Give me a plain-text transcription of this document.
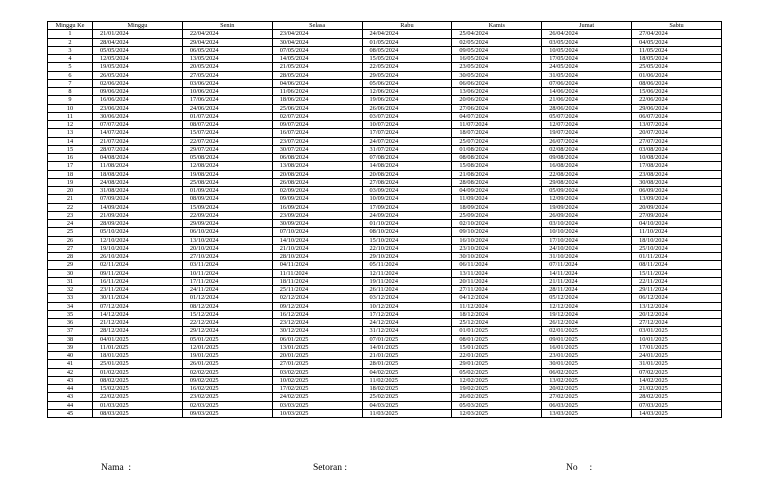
Minggu Ke	Minggu	Senin	Selasa	Rabu	Kamis	Jumat	Sabtu
1	21/01/2024	22/04/2024	23/04/2024	24/04/2024	25/04/2024	26/04/2024	27/04/2024
2	28/04/2024	29/04/2024	30/04/2024	01/05/2024	02/05/2024	03/05/2024	04/05/2024
3	05/05/2024	06/05/2024	07/05/2024	08/05/2024	09/05/2024	10/05/2024	11/05/2024
4	12/05/2024	13/05/2024	14/05/2024	15/05/2024	16/05/2024	17/05/2024	18/05/2024
5	19/05/2024	20/05/2024	21/05/2024	22/05/2024	23/05/2024	24/05/2024	25/05/2024
6	26/05/2024	27/05/2024	28/05/2024	29/05/2024	30/05/2024	31/05/2024	01/06/2024
7	02/06/2024	03/06/2024	04/06/2024	05/06/2024	06/06/2024	07/06/2024	08/06/2024
8	09/06/2024	10/06/2024	11/06/2024	12/06/2024	13/06/2024	14/06/2024	15/06/2024
9	16/06/2024	17/06/2024	18/06/2024	19/06/2024	20/06/2024	21/06/2024	22/06/2024
10	23/06/2024	24/06/2024	25/06/2024	26/06/2024	27/06/2024	28/06/2024	29/06/2024
11	30/06/2024	01/07/2024	02/07/2024	03/07/2024	04/07/2024	05/07/2024	06/07/2024
12	07/07/2024	08/07/2024	09/07/2024	10/07/2024	11/07/2024	12/07/2024	13/07/2024
13	14/07/2024	15/07/2024	16/07/2024	17/07/2024	18/07/2024	19/07/2024	20/07/2024
14	21/07/2024	22/07/2024	23/07/2024	24/07/2024	25/07/2024	26/07/2024	27/07/2024
15	28/07/2024	29/07/2024	30/07/2024	31/07/2024	01/08/2024	02/08/2024	03/08/2024
16	04/08/2024	05/08/2024	06/08/2024	07/08/2024	08/08/2024	09/08/2024	10/08/2024
17	11/08/2024	12/08/2024	13/08/2024	14/08/2024	15/08/2024	16/08/2024	17/08/2024
18	18/08/2024	19/08/2024	20/08/2024	20/08/2024	21/08/2024	22/08/2024	23/08/2024
19	24/08/2024	25/08/2024	26/08/2024	27/08/2024	28/08/2024	29/08/2024	30/08/2024
20	31/08/2024	01/09/2024	02/09/2024	03/09/2024	04/09/2024	05/09/2024	06/09/2024
21	07/09/2024	08/09/2024	09/09/2024	10/09/2024	11/09/2024	12/09/2024	13/09/2024
22	14/09/2024	15/09/2024	16/09/2024	17/09/2024	18/09/2024	19/09/2024	20/09/2024
23	21/09/2024	22/09/2024	23/09/2024	24/09/2024	25/09/2024	26/09/2024	27/09/2024
24	28/09/2024	29/09/2024	30/09/2024	01/10/2024	02/10/2024	03/10/2024	04/10/2024
25	05/10/2024	06/10/2024	07/10/2024	08/10/2024	09/10/2024	10/10/2024	11/10/2024
26	12/10/2024	13/10/2024	14/10/2024	15/10/2024	16/10/2024	17/10/2024	18/10/2024
27	19/10/2024	20/10/2024	21/10/2024	22/10/2024	23/10/2024	24/10/2024	25/10/2024
28	26/10/2024	27/10/2024	28/10/2024	29/10/2024	30/10/2024	31/10/2024	01/11/2024
29	02/11/2024	03/11/2024	04/11/2024	05/11/2024	06/11/2024	07/11/2024	08/11/2024
30	09/11/2024	10/11/2024	11/11/2024	12/11/2024	13/11/2024	14/11/2024	15/11/2024
31	16/11/2024	17/11/2024	18/11/2024	19/11/2024	20/11/2024	21/11/2024	22/11/2024
32	23/11/2024	24/11/2024	25/11/2024	26/11/2024	27/11/2024	28/11/2024	29/11/2024
33	30/11/2024	01/12/2024	02/12/2024	03/12/2024	04/12/2024	05/12/2024	06/12/2024
34	07/12/2024	08/12/2024	09/12/2024	10/12/2024	11/12/2024	12/12/2024	13/12/2024
35	14/12/2024	15/12/2024	16/12/2024	17/12/2024	18/12/2024	19/12/2024	20/12/2024
36	21/12/2024	22/12/2024	23/12/2024	24/12/2024	25/12/2024	26/12/2024	27/12/2024
37	28/12/2024	29/12/2024	30/12/2024	31/12/2024	01/01/2025	02/01/2025	03/01/2025
38	04/01/2025	05/01/2025	06/01/2025	07/01/2025	08/01/2025	09/01/2025	10/01/2025
39	11/01/2025	12/01/2025	13/01/2025	14/01/2025	15/01/2025	16/01/2025	17/01/2025
40	18/01/2025	19/01/2025	20/01/2025	21/01/2025	22/01/2025	23/01/2025	24/01/2025
41	25/01/2025	26/01/2025	27/01/2025	28/01/2025	29/01/2025	30/01/2025	31/01/2025
42	01/02/2025	02/02/2025	03/02/2025	04/02/2025	05/02/2025	06/02/2025	07/02/2025
43	08/02/2025	09/02/2025	10/02/2025	11/02/2025	12/02/2025	13/02/2025	14/02/2025
44	15/02/2025	16/02/2025	17/02/2025	18/02/2025	19/02/2025	20/02/2025	21/02/2025
43	22/02/2025	23/02/2025	24/02/2025	25/02/2025	26/02/2025	27/02/2025	28/02/2025
44	01/03/2025	02/03/2025	03/03/2025	04/03/2025	05/03/2025	06/03/2025	07/03/2025
45	08/03/2025	09/03/2025	10/03/2025	11/03/2025	12/03/2025	13/03/2025	14/03/2025
Nama  :	Setoran :	No     :
